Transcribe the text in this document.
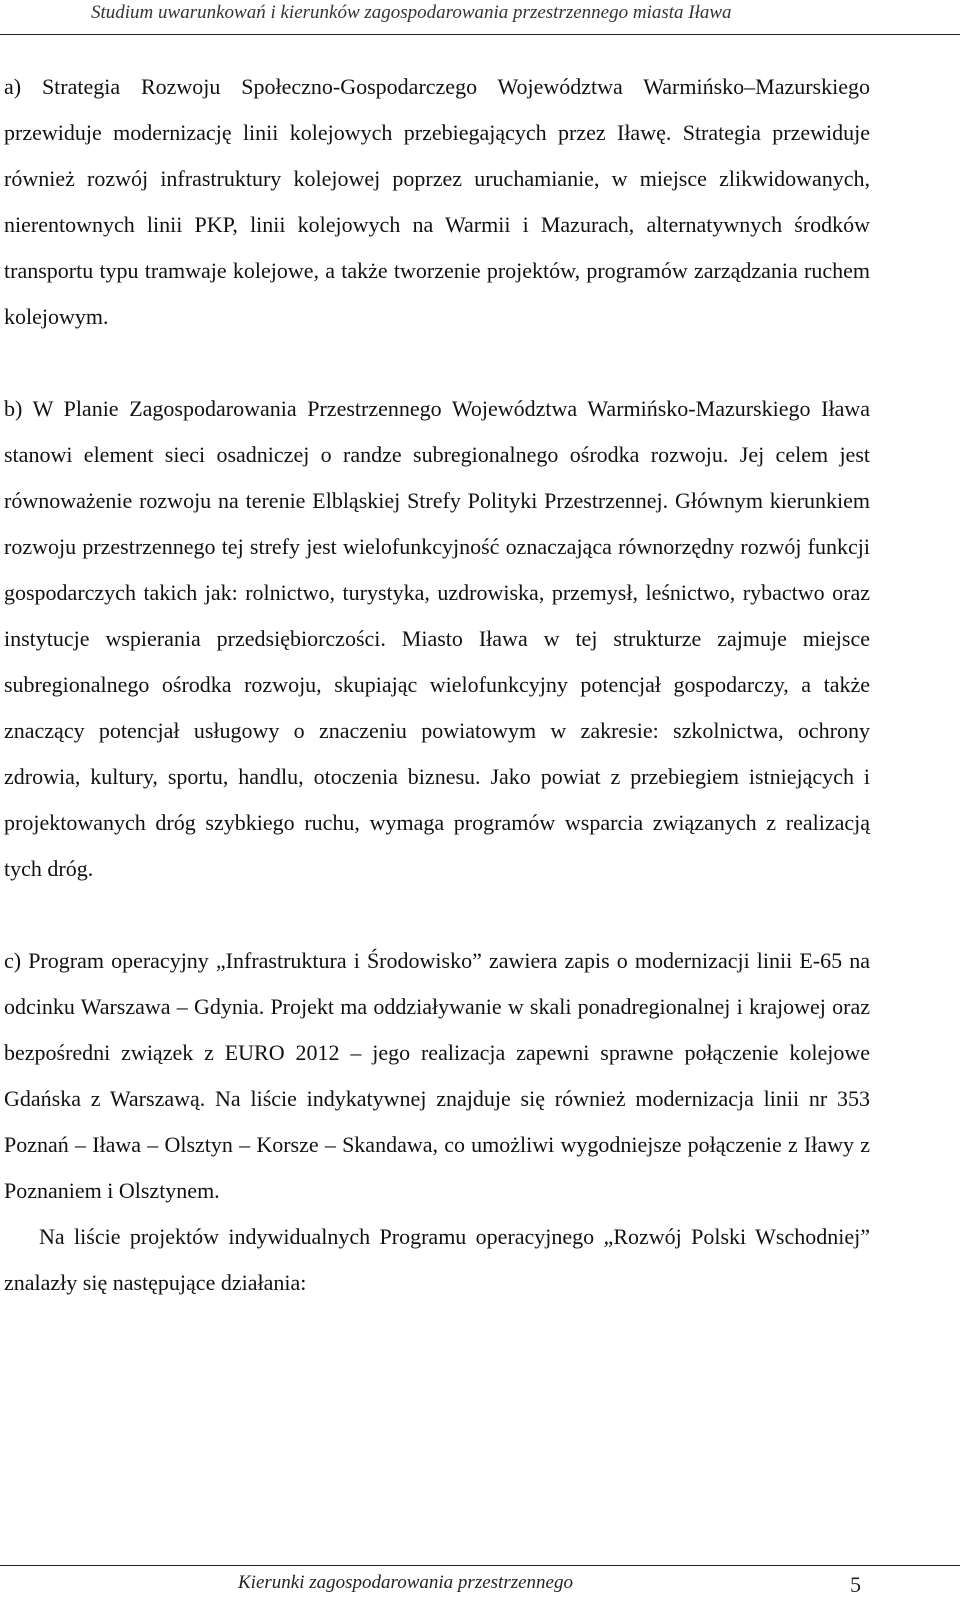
Studium uwarunkowań i kierunków zagospodarowania przestrzennego miasta Iława

a) Strategia Rozwoju Społeczno-Gospodarczego Województwa Warmińsko–Mazurskiego przewiduje modernizację linii kolejowych przebiegających przez Iławę. Strategia przewiduje również rozwój infrastruktury kolejowej poprzez uruchamianie, w miejsce zlikwidowanych, nierentownych linii PKP, linii kolejowych na Warmii i Mazurach, alternatywnych środków transportu typu tramwaje kolejowe, a także tworzenie projektów, programów zarządzania ruchem kolejowym.

b) W Planie Zagospodarowania Przestrzennego Województwa Warmińsko-Mazurskiego Iława stanowi element sieci osadniczej o randze subregionalnego ośrodka rozwoju. Jej celem jest równoważenie rozwoju na terenie Elbląskiej Strefy Polityki Przestrzennej. Głównym kierunkiem rozwoju przestrzennego tej strefy jest wielofunkcyjność oznaczająca równorzędny rozwój funkcji gospodarczych takich jak: rolnictwo, turystyka, uzdrowiska, przemysł, leśnictwo, rybactwo oraz instytucje wspierania przedsiębiorczości. Miasto Iława w tej strukturze zajmuje miejsce subregionalnego ośrodka rozwoju, skupiając wielofunkcyjny potencjał gospodarczy, a także znaczący potencjał usługowy o znaczeniu powiatowym w zakresie: szkolnictwa, ochrony zdrowia, kultury, sportu, handlu, otoczenia biznesu. Jako powiat z przebiegiem istniejących i projektowanych dróg szybkiego ruchu, wymaga programów wsparcia związanych z realizacją tych dróg.

c) Program operacyjny „Infrastruktura i Środowisko” zawiera zapis o modernizacji linii E-65 na odcinku Warszawa – Gdynia. Projekt ma oddziaływanie w skali ponadregionalnej i krajowej oraz bezpośredni związek z EURO 2012 – jego realizacja zapewni sprawne połączenie kolejowe Gdańska z Warszawą. Na liście indykatywnej znajduje się również modernizacja linii nr 353 Poznań – Iława – Olsztyn – Korsze – Skandawa, co umożliwi wygodniejsze połączenie z Iławy z Poznaniem i Olsztynem.

Na liście projektów indywidualnych Programu operacyjnego „Rozwój Polski Wschodniej” znalazły się następujące działania:

Kierunki zagospodarowania przestrzennego	5
